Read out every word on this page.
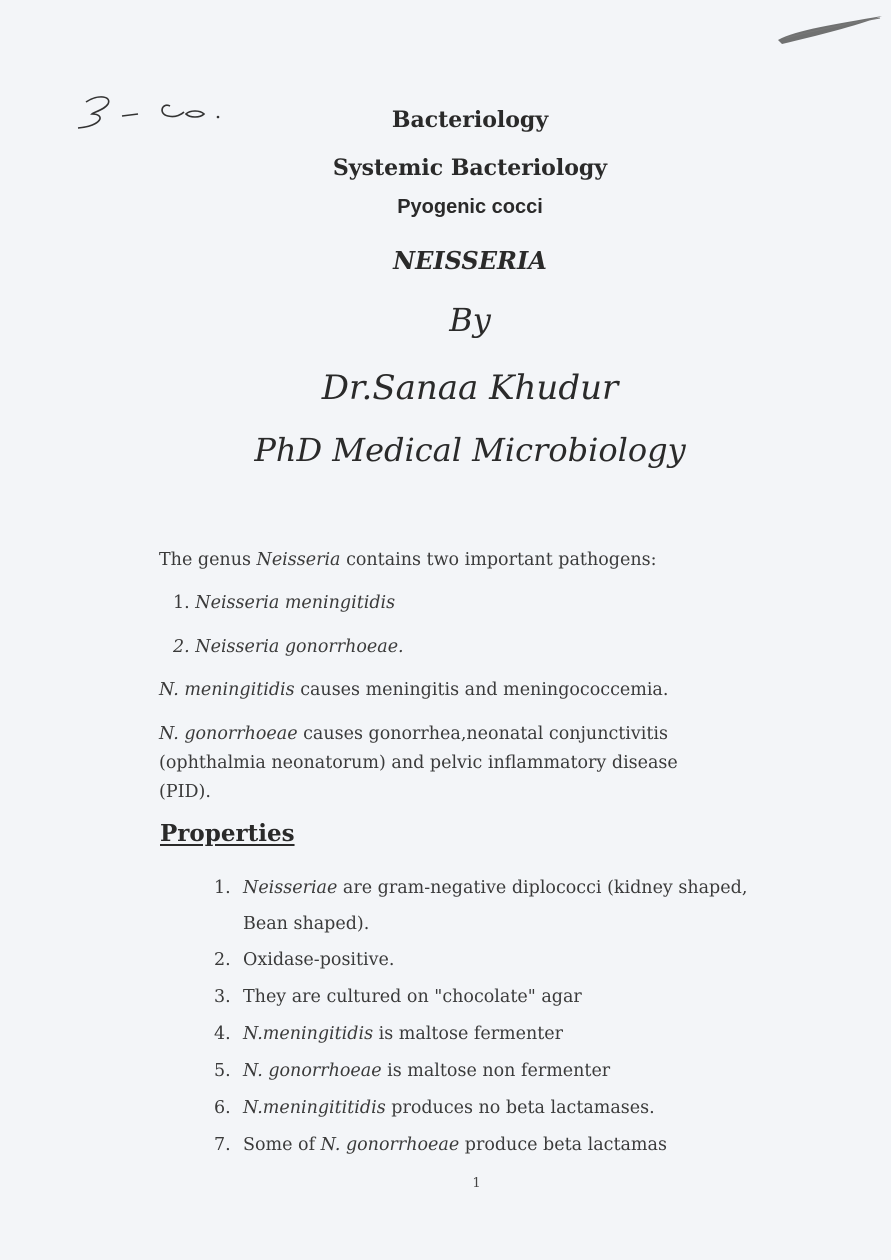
Bacteriology
Systemic Bacteriology
Pyogenic cocci
NEISSERIA
By
Dr.Sanaa Khudur
PhD Medical Microbiology
The genus Neisseria contains two important pathogens:
1. Neisseria meningitidis
2. Neisseria gonorrhoeae.
N. meningitidis causes meningitis and meningococcemia.
N. gonorrhoeae causes gonorrhea,neonatal conjunctivitis (ophthalmia neonatorum) and pelvic inflammatory disease (PID).
Properties
1. Neisseriae are gram-negative diplococci (kidney shaped, Bean shaped).
2. Oxidase-positive.
3. They are cultured on "chocolate" agar
4. N.meningitidis is maltose fermenter
5. N. gonorrhoeae is maltose non fermenter
6. N.meningititidis produces no beta lactamases.
7. Some of N. gonorrhoeae produce beta lactamas
1
